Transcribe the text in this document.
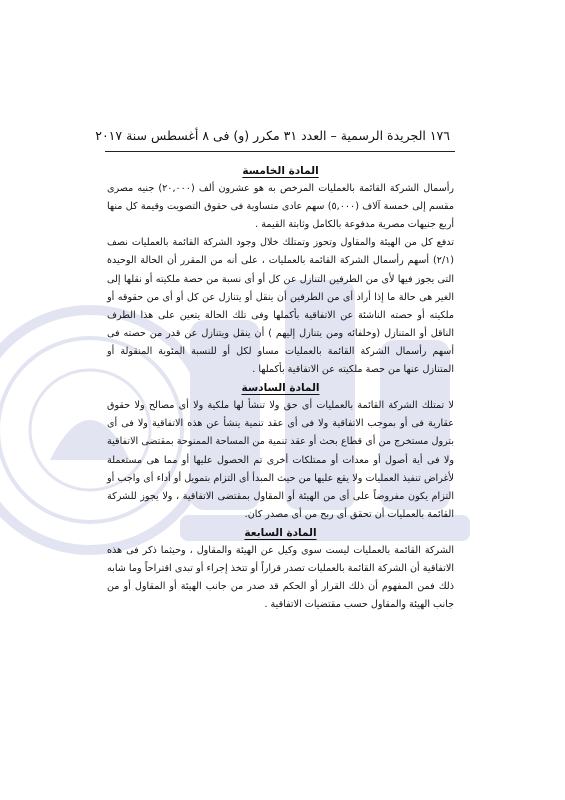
١٧٦ الجريدة الرسمية – العدد ٣١ مكرر (و) فى ٨ أغسطس سنة ٢٠١٧

المادة الخامسة

رأسمال الشركة القائمة بالعمليات المرخص به هو عشرون ألف (٢٠,٠٠٠) جنيه مصرى مقسم إلى خمسة آلاف (٥,٠٠٠) سهم عادى متساوية فى حقوق التصويت وقيمة كل منها أربع جنيهات مصرية مدفوعة بالكامل وثابتة القيمة .

تدفع كل من الهيئة والمقاول وتحوز وتمتلك خلال وجود الشركة القائمة بالعمليات نصف (٢/١) أسهم رأسمال الشركة القائمة بالعمليات ، على أنه من المقرر أن الحالة الوحيدة التى يجوز فيها لأى من الطرفين التنازل عن كل أو أى نسبة من حصة ملكيته أو نقلها إلى الغير هى حالة ما إذا أراد أى من الطرفين أن ينقل أو يتنازل عن كل أو أى من حقوقه أو ملكيته أو حصته الناشئة عن الاتفاقية بأكملها وفى تلك الحالة يتعين على هذا الطرف الناقل أو المتنازل (وخلفائه ومن يتنازل إليهم ) أن ينقل ويتنازل عن قدر من حصته فى أسهم رأسمال الشركة القائمة بالعمليات مساو لكل أو للنسبة المئوية المنقولة أو المتنازل عنها من حصة ملكيته عن الاتفاقية بأكملها .

المادة السادسة

لا تمتلك الشركة القائمة بالعمليات أى حق ولا تنشأ لها ملكية ولا أى مصالح ولا حقوق عقارية فى أو بموجب الاتفاقية ولا فى أى عقد تنمية ينشأ عن هذه الاتفاقية ولا فى أى بترول مستخرج من أى قطاع بحث أو عقد تنمية من المساحة الممنوحة بمقتضى الاتفاقية ولا فى أية أصول أو معدات أو ممتلكات أخرى تم الحصول عليها أو مما هى مستعملة لأغراض تنفيذ العمليات ولا يقع عليها من حيث المبدأ أى التزام بتمويل أو أداء أى واجب أو التزام يكون مفروضاً على أى من الهيئة أو المقاول بمقتضى الاتفاقية ، ولا يجوز للشركة القائمة بالعمليات أن تحقق أى ربح من أى مصدر كان.

المادة السابعة

الشركة القائمة بالعمليات ليست سوى وكيل عن الهيئة والمقاول ، وحيثما ذكر فى هذه الاتفاقية أن الشركة القائمة بالعمليات تصدر قراراً أو تتخذ إجراء أو تبدى اقتراحاً وما شابه ذلك فمن المفهوم أن ذلك القرار أو الحكم قد صدر من جانب الهيئة أو المقاول أو من جانب الهيئة والمقاول حسب مقتضيات الاتفاقية .
